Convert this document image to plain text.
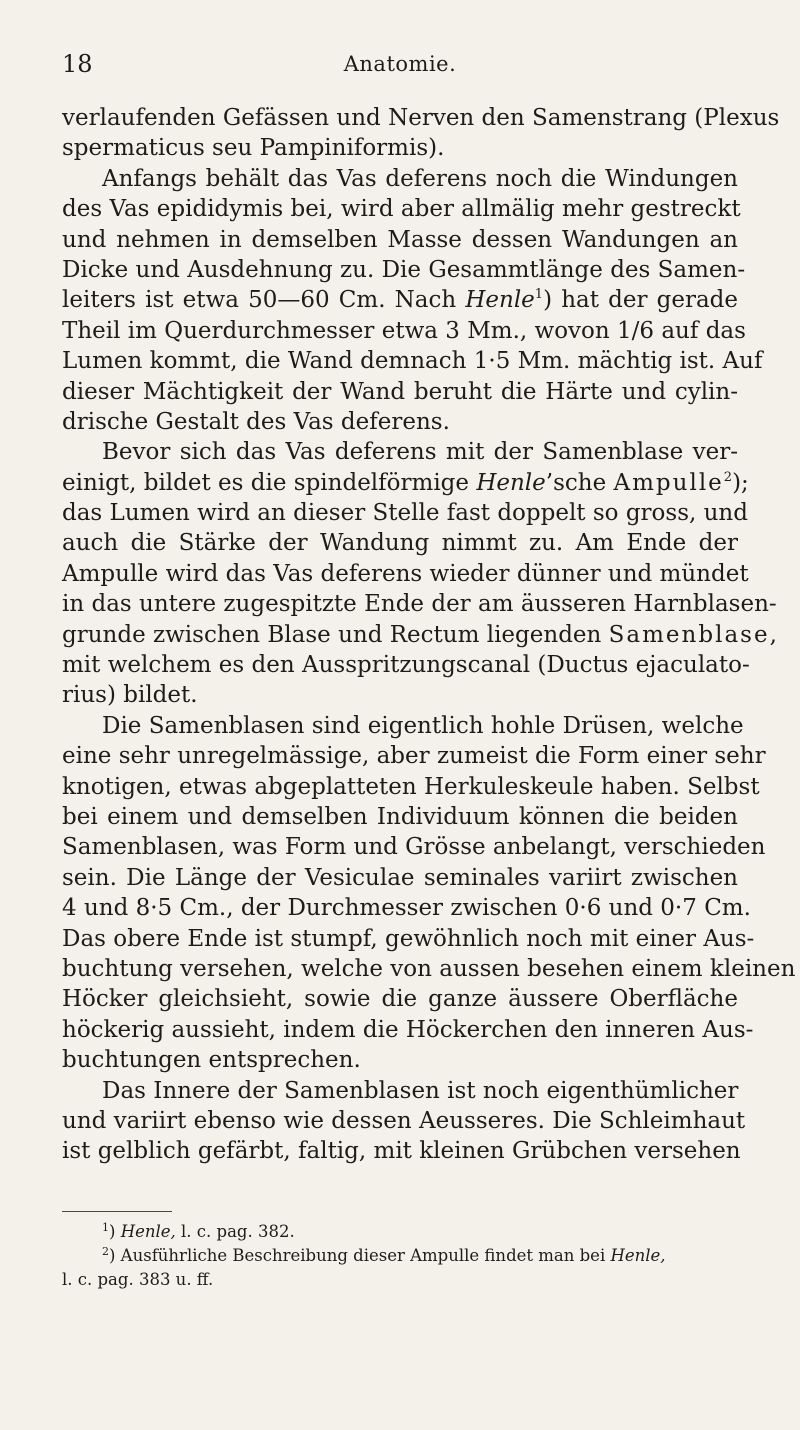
18	Anatomie.
verlaufenden Gefässen und Nerven den Samenstrang (Plexus
spermaticus seu Pampiniformis).
Anfangs behält das Vas deferens noch die Windungen
des Vas epididymis bei, wird aber allmälig mehr gestreckt
und nehmen in demselben Masse dessen Wandungen an
Dicke und Ausdehnung zu. Die Gesammtlänge des Samen-
leiters ist etwa 50—60 Cm. Nach Henle$^1$) hat der gerade
Theil im Querdurchmesser etwa 3 Mm., wovon 1/6 auf das
Lumen kommt, die Wand demnach 1·5 Mm. mächtig ist. Auf
dieser Mächtigkeit der Wand beruht die Härte und cylin-
drische Gestalt des Vas deferens.
Bevor sich das Vas deferens mit der Samenblase ver-
einigt, bildet es die spindelförmige Henle’sche Ampulle$^2$);
das Lumen wird an dieser Stelle fast doppelt so gross, und
auch die Stärke der Wandung nimmt zu. Am Ende der
Ampulle wird das Vas deferens wieder dünner und mündet
in das untere zugespitzte Ende der am äusseren Harnblasen-
grunde zwischen Blase und Rectum liegenden Samenblase,
mit welchem es den Ausspritzungscanal (Ductus ejaculato-
rius) bildet.
Die Samenblasen sind eigentlich hohle Drüsen, welche
eine sehr unregelmässige, aber zumeist die Form einer sehr
knotigen, etwas abgeplatteten Herkuleskeule haben. Selbst
bei einem und demselben Individuum können die beiden
Samenblasen, was Form und Grösse anbelangt, verschieden
sein. Die Länge der Vesiculae seminales variirt zwischen
4 und 8·5 Cm., der Durchmesser zwischen 0·6 und 0·7 Cm.
Das obere Ende ist stumpf, gewöhnlich noch mit einer Aus-
buchtung versehen, welche von aussen besehen einem kleinen
Höcker gleichsieht, sowie die ganze äussere Oberfläche
höckerig aussieht, indem die Höckerchen den inneren Aus-
buchtungen entsprechen.
Das Innere der Samenblasen ist noch eigenthümlicher
und variirt ebenso wie dessen Aeusseres. Die Schleimhaut
ist gelblich gefärbt, faltig, mit kleinen Grübchen versehen
$^1$) Henle, l. c. pag. 382.
$^2$) Ausführliche Beschreibung dieser Ampulle findet man bei Henle,
l. c. pag. 383 u. ff.
